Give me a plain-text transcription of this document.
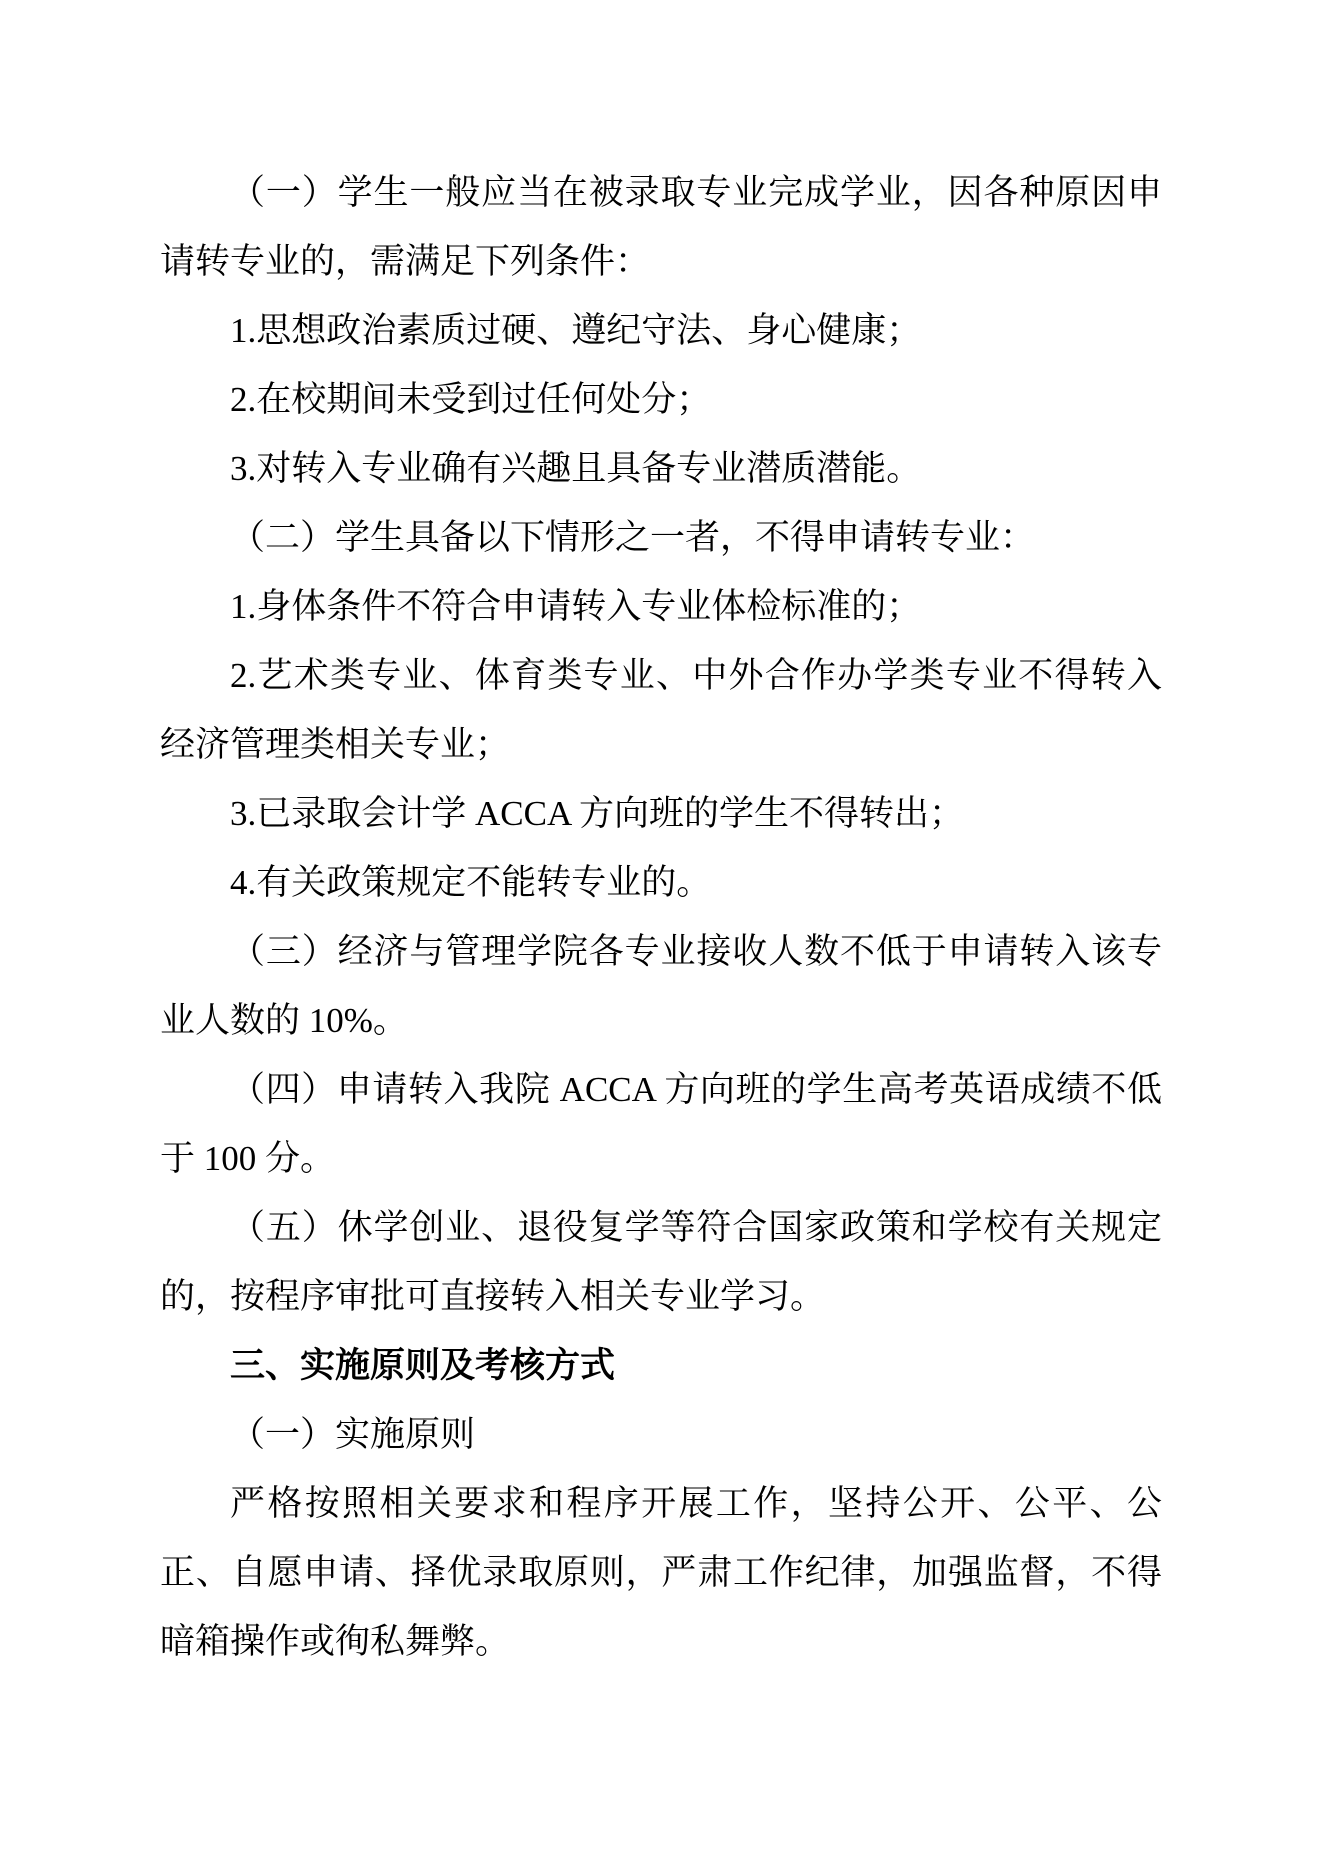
（一）学生一般应当在被录取专业完成学业，因各种原因申请转专业的，需满足下列条件：

1.思想政治素质过硬、遵纪守法、身心健康；

2.在校期间未受到过任何处分；

3.对转入专业确有兴趣且具备专业潜质潜能。

（二）学生具备以下情形之一者，不得申请转专业：

1.身体条件不符合申请转入专业体检标准的；

2.艺术类专业、体育类专业、中外合作办学类专业不得转入经济管理类相关专业；

3.已录取会计学 ACCA 方向班的学生不得转出；

4.有关政策规定不能转专业的。

（三）经济与管理学院各专业接收人数不低于申请转入该专业人数的 10%。

（四）申请转入我院 ACCA 方向班的学生高考英语成绩不低于 100 分。

（五）休学创业、退役复学等符合国家政策和学校有关规定的，按程序审批可直接转入相关专业学习。

三、实施原则及考核方式

（一）实施原则

严格按照相关要求和程序开展工作，坚持公开、公平、公正、自愿申请、择优录取原则，严肃工作纪律，加强监督，不得暗箱操作或徇私舞弊。
